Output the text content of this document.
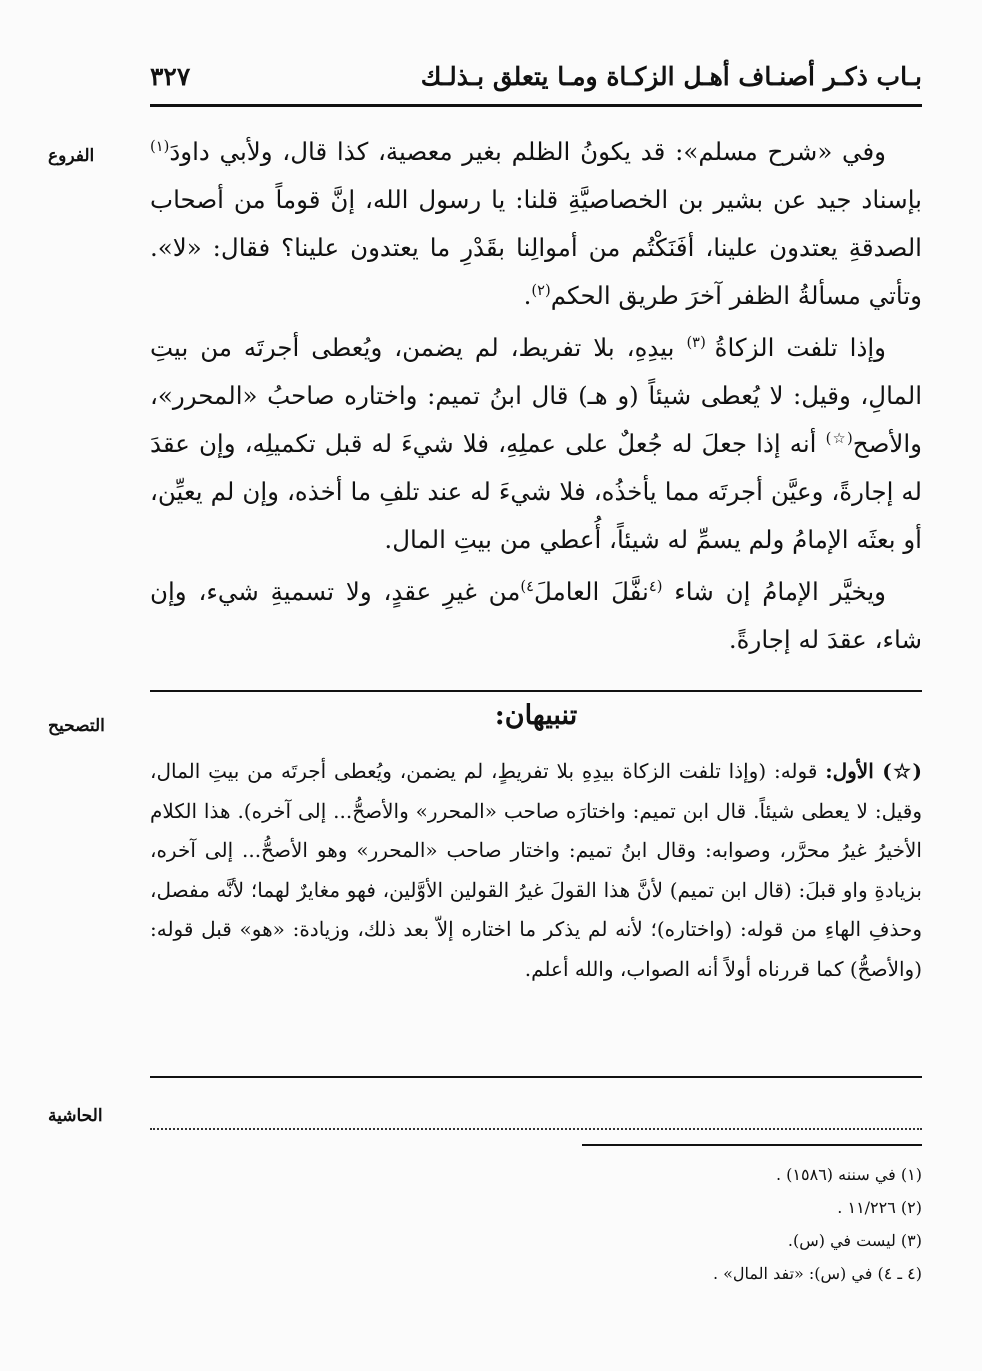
بـاب ذكـر أصنـاف أهـل الزكـاة ومـا يتعلق بـذلـك
٣٢٧
الفروع
التصحيح
الحاشية

وفي «شرح مسلم»: قد يكونُ الظلم بغير معصية، كذا قال، ولأبي داودَ$^{(١)}$ بإسناد جيد عن بشير بن الخصاصيَّةِ قلنا: يا رسول الله، إنَّ قوماً من أصحاب الصدقةِ يعتدون علينا، أفَنَكْتُم من أموالِنا بقَدْرِ ما يعتدون علينا؟ فقال: «لا». وتأتي مسألةُ الظفر آخرَ طريق الحكم$^{(٢)}$.

وإذا تلفت الزكاةُ $^{(٣)}$ بيدِهِ، بلا تفريط، لم يضمن، ويُعطى أجرتَه من بيتِ المالِ، وقيل: لا يُعطى شيئاً (و هـ) قال ابنُ تميم: واختاره صاحبُ «المحرر»، والأصح(☆) أنه إذا جعلَ له جُعلٌ على عملِهِ، فلا شيءَ له قبل تكميلِه، وإن عقدَ له إجارةً، وعيَّن أجرتَه مما يأخذُه، فلا شيءَ له عند تلفِ ما أخذه، وإن لم يعيِّن، أو بعثَه الإمامُ ولم يسمِّ له شيئاً، أُعطي من بيتِ المال.

ويخيَّر الإمامُ إن شاء $^{(٤}$نفَّلَ العاملَ$^{٤)}$من غيرِ عقدٍ، ولا تسميةِ شيء، وإن شاء، عقدَ له إجارةً.

تنبيهان:

(☆) الأول: قوله: (وإذا تلفت الزكاة بيدِهِ بلا تفريطٍ، لم يضمن، ويُعطى أجرتَه من بيتِ المال، وقيل: لا يعطى شيئاً. قال ابن تميم: واختارَه صاحب «المحرر» والأصحُّ... إلى آخره). هذا الكلام الأخيرُ غيرُ محرَّر، وصوابه: وقال ابنُ تميم: واختار صاحب «المحرر» وهو الأصحُّ... إلى آخره، بزيادةِ واو قبلَ: (قال ابن تميم) لأنَّ هذا القولَ غيرُ القولين الأوَّلين، فهو مغايرٌ لهما؛ لأنَّه مفصل، وحذفِ الهاءِ من قوله: (واختاره)؛ لأنه لم يذكر ما اختاره إلاّ بعد ذلك، وزيادة: «هو» قبل قوله: (والأصحُّ) كما قررناه أولاً أنه الصواب، والله أعلم.

(١) في سننه (١٥٨٦) .
(٢) ١١/٢٢٦ .
(٣) ليست في (س).
(٤ ـ ٤) في (س): «تفد المال» .
